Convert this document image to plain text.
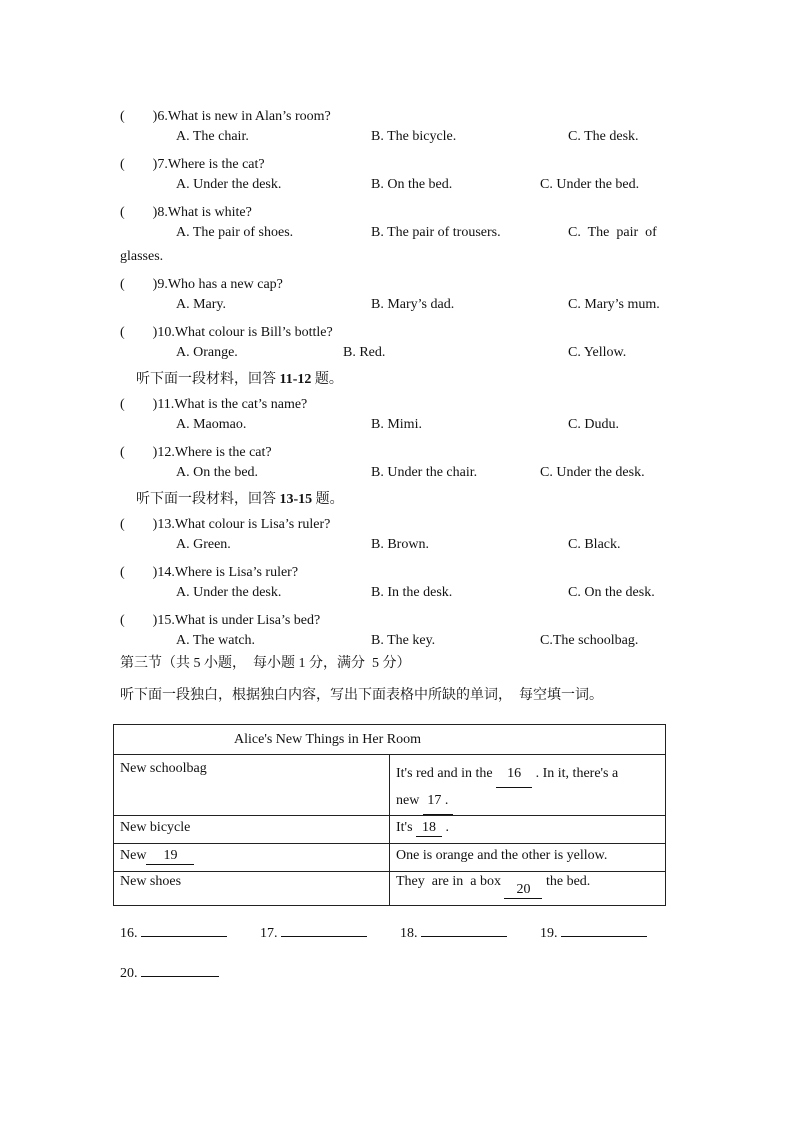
(　　)6.What is new in Alan’s room?
A. The chair.	B. The bicycle.	C. The desk.
(　　)7.Where is the cat?
A. Under the desk.	B. On the bed.	C. Under the bed.
(　　)8.What is white?
A. The pair of shoes.	B. The pair of trousers.	C.  The  pair  of
glasses.
(　　)9.Who has a new cap?
A. Mary.	B. Mary’s dad.	C. Mary’s mum.
(　　)10.What colour is Bill’s bottle?
A. Orange.	B. Red.	C. Yellow.
听下面一段材料，回答 11-12 题。
(　　)11.What is the cat’s name?
A. Maomao.	B. Mimi.	C. Dudu.
(　　)12.Where is the cat?
A. On the bed.	B. Under the chair.	C. Under the desk.
听下面一段材料，回答 13-15 题。
(　　)13.What colour is Lisa’s ruler?
A. Green.	B. Brown.	C. Black.
(　　)14.Where is Lisa’s ruler?
A. Under the desk.	B. In the desk.	C. On the desk.
(　　)15.What is under Lisa’s bed?
A. The watch.	B. The key.	C.The schoolbag.
第三节（共 5 小题，  每小题 1 分，满分  5 分）
听下面一段独白，根据独白内容，写出下面表格中所缺的单词，  每空填一词。
Alice's New Things in Her Room	
New schoolbag	It's red and in the 16 . In it, there's a
new 17 .
New bicycle	It's 18 .
New 19	One is orange and the other is yellow.
New shoes	They  are in  a box 20 the bed.
16.	17.	18.	19.
20.
